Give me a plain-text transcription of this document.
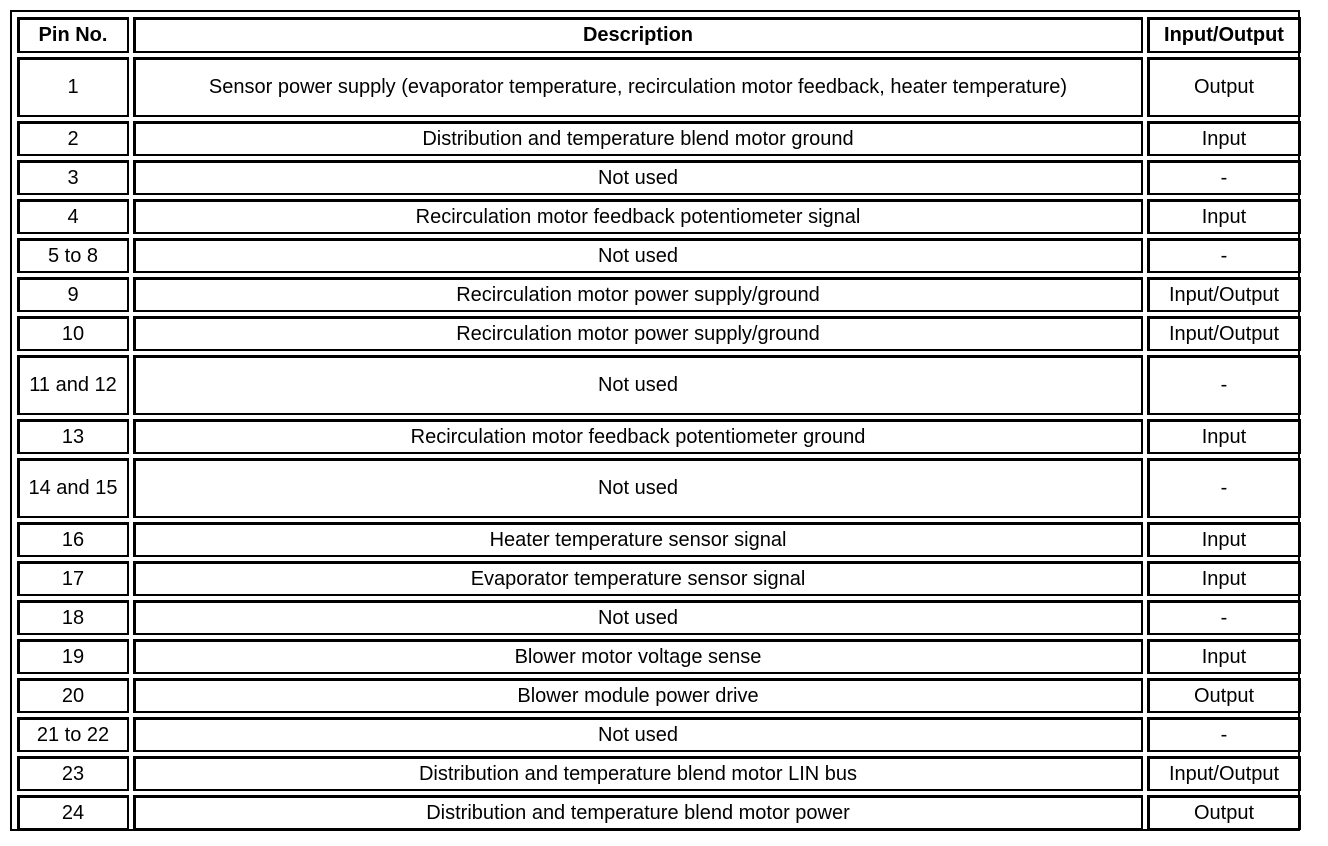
Pin No.	Description	Input/Output
1	Sensor power supply (evaporator temperature, recirculation motor feedback, heater temperature)	Output
2	Distribution and temperature blend motor ground	Input
3	Not used	-
4	Recirculation motor feedback potentiometer signal	Input
5 to 8	Not used	-
9	Recirculation motor power supply/ground	Input/Output
10	Recirculation motor power supply/ground	Input/Output
11 and 12	Not used	-
13	Recirculation motor feedback potentiometer ground	Input
14 and 15	Not used	-
16	Heater temperature sensor signal	Input
17	Evaporator temperature sensor signal	Input
18	Not used	-
19	Blower motor voltage sense	Input
20	Blower module power drive	Output
21 to 22	Not used	-
23	Distribution and temperature blend motor LIN bus	Input/Output
24	Distribution and temperature blend motor power	Output
